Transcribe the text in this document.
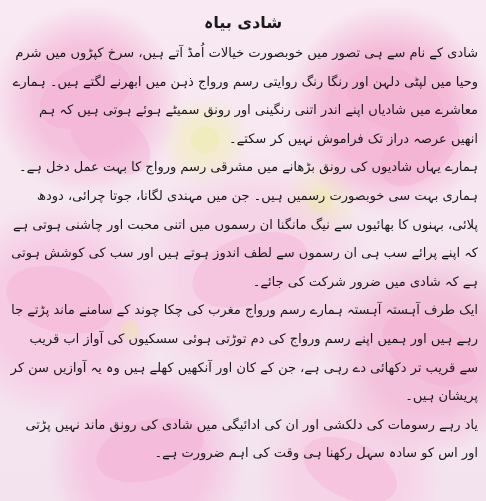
شادی بیاہ

شادی کے نام سے ہی تصور میں خوبصورت خیالات اُمڈ آتے ہیں، سرخ کپڑوں میں شرم وحیا میں لپٹی دلہن اور رنگا رنگ روایتی رسم ورواج ذہن میں ابھرنے لگتے ہیں۔ ہمارے معاشرے میں شادیاں اپنے اندر اتنی رنگینی اور رونق سمیٹے ہوئے ہوتی ہیں کہ ہم انھیں عرصہ دراز تک فراموش نہیں کر سکتے۔

ہمارے یہاں شادیوں کی رونق بڑھانے میں مشرقی رسم ورواج کا بہت عمل دخل ہے۔ ہماری بہت سی خوبصورت رسمیں ہیں۔ جن میں مہندی لگانا، جوتا چرائی، دودھ پلائی، بہنوں کا بھائیوں سے نیگ مانگنا ان رسموں میں اتنی محبت اور چاشنی ہوتی ہے کہ اپنے پرائے سب ہی ان رسموں سے لطف اندوز ہوتے ہیں اور سب کی کوشش ہوتی ہے کہ شادی میں ضرور شرکت کی جائے۔

ایک طرف آہستہ آہستہ ہمارے رسم ورواج مغرب کی چکا چوند کے سامنے ماند پڑتے جا رہے ہیں اور ہمیں اپنے رسم ورواج کی دم توڑتی ہوئی سسکیوں کی آواز اب قریب سے قریب تر دکھائی دے رہی ہے، جن کے کان اور آنکھیں کھلے ہیں وہ یہ آوازیں سن کر پریشان ہیں۔

یاد رہے رسومات کی دلکشی اور ان کی ادائیگی میں شادی کی رونق ماند نہیں پڑتی اور اس کو سادہ سہل رکھنا ہی وقت کی اہم ضرورت ہے۔
